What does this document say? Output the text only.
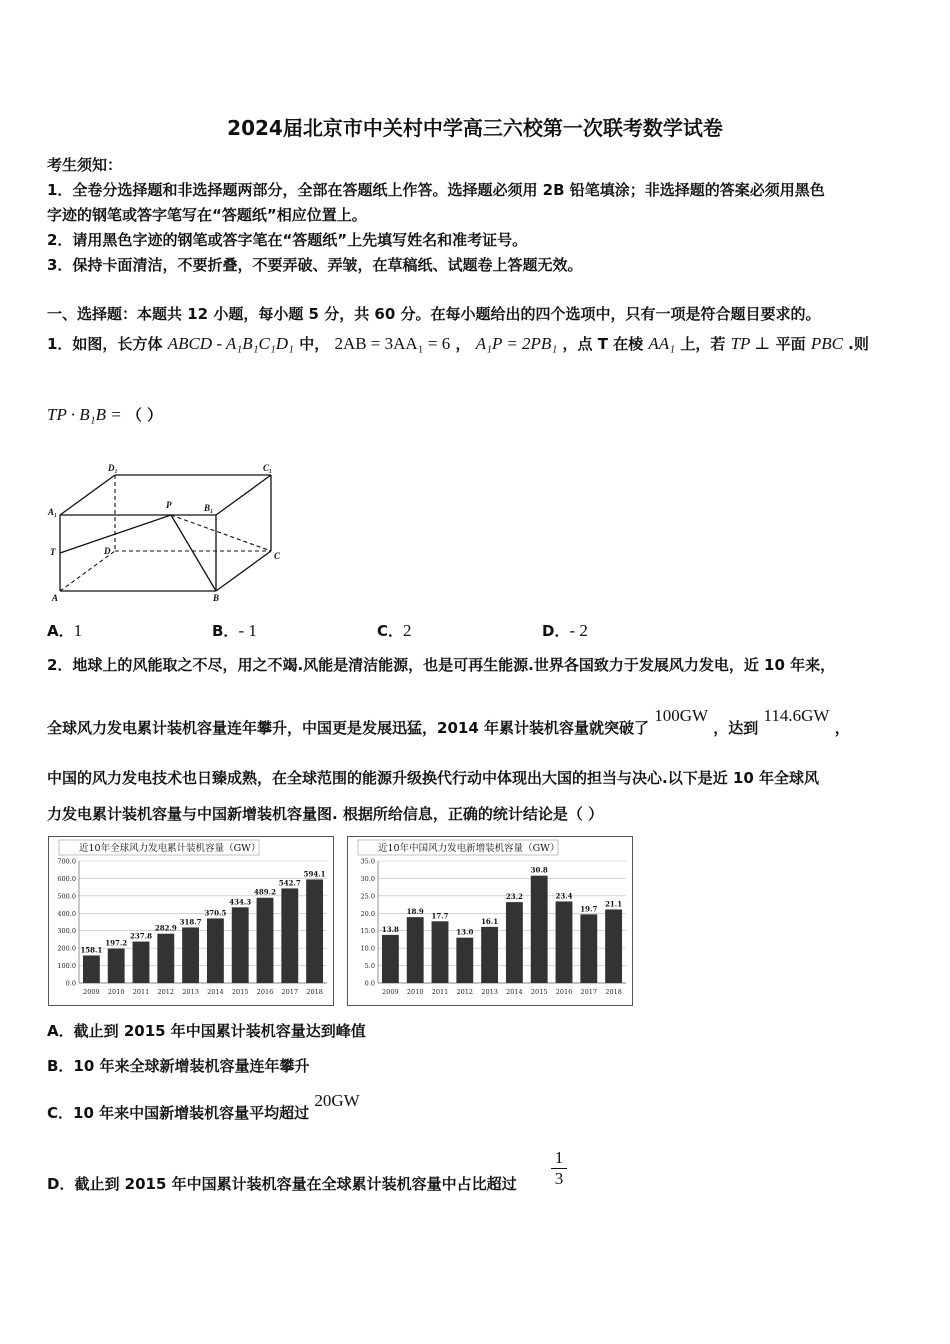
2024届北京市中关村中学高三六校第一次联考数学试卷
考生须知：
1．全卷分选择题和非选择题两部分，全部在答题纸上作答。选择题必须用 2B 铅笔填涂；非选择题的答案必须用黑色
字迹的钢笔或答字笔写在“答题纸”相应位置上。
2．请用黑色字迹的钢笔或答字笔在“答题纸”上先填写姓名和准考证号。
3．保持卡面清洁，不要折叠，不要弄破、弄皱，在草稿纸、试题卷上答题无效。
一、选择题：本题共 12 小题，每小题 5 分，共 60 分。在每小题给出的四个选项中，只有一项是符合题目要求的。
1．如图，长方体 ABCD - A₁B₁C₁D₁ 中， 2AB = 3AA₁ = 6 ， A₁P = 2PB₁ ，点 T 在棱 AA₁ 上，若 TP ⊥ 平面 PBC .则
TP · B₁B = （ ）
D₁	C₁
A₁
P	B₁
T	D	C
A	B
A．1	B．- 1	C．2	D．- 2
2．地球上的风能取之不尽，用之不竭.风能是清洁能源，也是可再生能源.世界各国致力于发展风力发电，近 10 年来，
全球风力发电累计装机容量连年攀升，中国更是发展迅猛，2014 年累计装机容量就突破了 100GW ，达到 114.6GW ，
中国的风力发电技术也日臻成熟，在全球范围的能源升级换代行动中体现出大国的担当与决心.以下是近 10 年全球风
力发电累计装机容量与中国新增装机容量图. 根据所给信息，正确的统计结论是（ ）
近10年全球风力发电累计装机容量（GW）
0.0
100.0
200.0
300.0
400.0
500.0
600.0
700.0
158.1
2009
197.2
2010
237.8
2011
282.9
2012
318.7
2013
370.5
2014
434.3
2015
489.2
2016
542.7
2017
594.1
2018
近10年中国风力发电新增装机容量（GW）
0.0
5.0
10.0
15.0
20.0
25.0
30.0
35.0
13.8
2009
18.9
2010
17.7
2011
13.0
2012
16.1
2013
23.2
2014
30.8
2015
23.4
2016
19.7
2017
21.1
2018
A．截止到 2015 年中国累计装机容量达到峰值
B．10 年来全球新增装机容量连年攀升
C．10 年来中国新增装机容量平均超过 20GW
D．截止到 2015 年中国累计装机容量在全球累计装机容量中占比超过 $\frac{1}{3}$
